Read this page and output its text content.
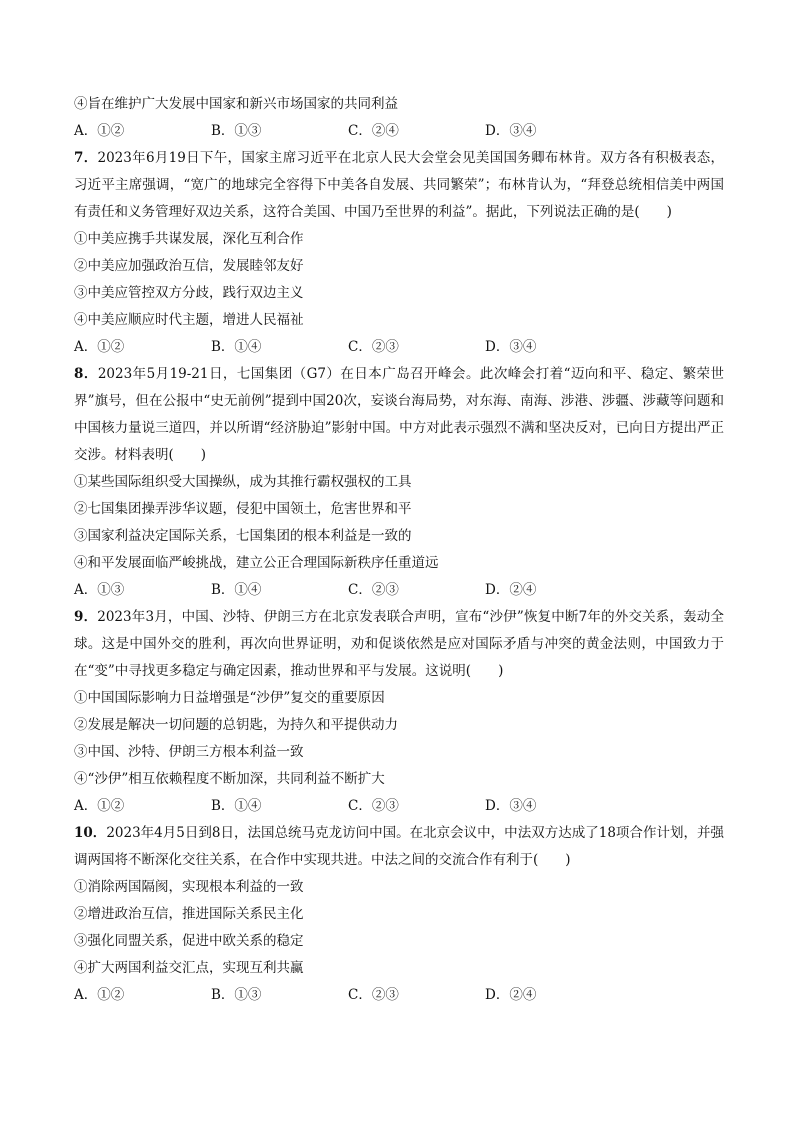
④旨在维护广大发展中国家和新兴市场国家的共同利益
A．①②	B．①③	C．②④	D．③④
7．2023年6月19日下午，国家主席习近平在北京人民大会堂会见美国国务卿布林肯。双方各有积极表态，习近平主席强调，“宽广的地球完全容得下中美各自发展、共同繁荣”；布林肯认为，“拜登总统相信美中两国有责任和义务管理好双边关系，这符合美国、中国乃至世界的利益”。据此，下列说法正确的是(　　)
①中美应携手共谋发展，深化互利合作
②中美应加强政治互信，发展睦邻友好
③中美应管控双方分歧，践行双边主义
④中美应顺应时代主题，增进人民福祉
A．①②	B．①④	C．②③	D．③④
8．2023年5月19-21日，七国集团（G7）在日本广岛召开峰会。此次峰会打着“迈向和平、稳定、繁荣世界”旗号，但在公报中“史无前例”提到中国20次，妄谈台海局势，对东海、南海、涉港、涉疆、涉藏等问题和中国核力量说三道四，并以所谓“经济胁迫”影射中国。中方对此表示强烈不满和坚决反对，已向日方提出严正交涉。材料表明(　　)
①某些国际组织受大国操纵，成为其推行霸权强权的工具
②七国集团操弄涉华议题，侵犯中国领土，危害世界和平
③国家利益决定国际关系，七国集团的根本利益是一致的
④和平发展面临严峻挑战，建立公正合理国际新秩序任重道远
A．①③	B．①④	C．②③	D．②④
9．2023年3月，中国、沙特、伊朗三方在北京发表联合声明，宣布“沙伊”恢复中断7年的外交关系，轰动全球。这是中国外交的胜利，再次向世界证明，劝和促谈依然是应对国际矛盾与冲突的黄金法则，中国致力于在“变”中寻找更多稳定与确定因素，推动世界和平与发展。这说明(　　)
①中国国际影响力日益增强是“沙伊”复交的重要原因
②发展是解决一切问题的总钥匙，为持久和平提供动力
③中国、沙特、伊朗三方根本利益一致
④“沙伊”相互依赖程度不断加深，共同利益不断扩大
A．①②	B．①④	C．②③	D．③④
10．2023年4月5日到8日，法国总统马克龙访问中国。在北京会议中，中法双方达成了18项合作计划，并强调两国将不断深化交往关系，在合作中实现共进。中法之间的交流合作有利于(　　)
①消除两国隔阂，实现根本利益的一致
②增进政治互信，推进国际关系民主化
③强化同盟关系，促进中欧关系的稳定
④扩大两国利益交汇点，实现互利共赢
A．①②	B．①③	C．②③	D．②④
